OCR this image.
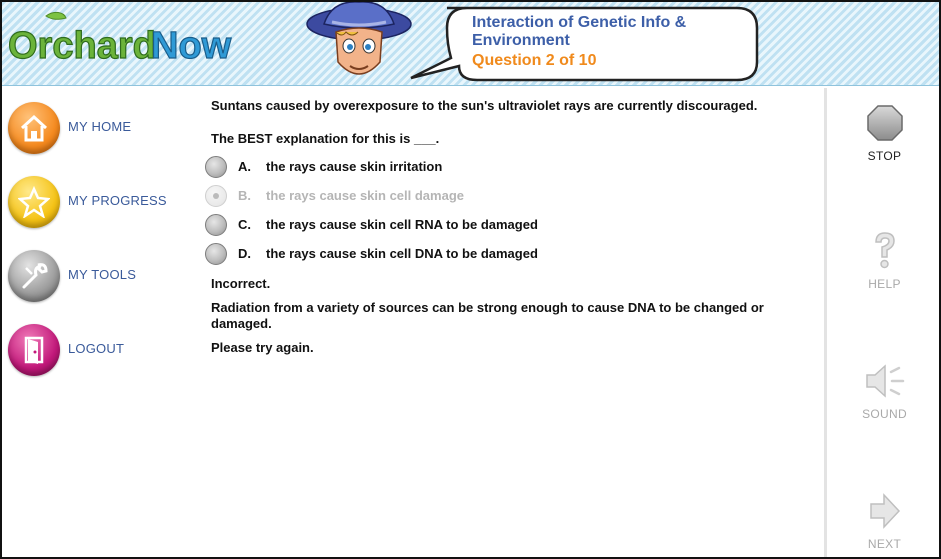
Orchard
Now
Interaction of Genetic Info & Environment
Question 2 of 10
MY HOME
MY PROGRESS
MY TOOLS
LOGOUT
Suntans caused by overexposure to the sun's ultraviolet rays are currently discouraged.
The BEST explanation for this is ___.
A. the rays cause skin irritation
B. the rays cause skin cell damage
C. the rays cause skin cell RNA to be damaged
D. the rays cause skin cell DNA to be damaged
Incorrect.
Radiation from a variety of sources can be strong enough to cause DNA to be changed or damaged.
Please try again.
STOP
HELP
SOUND
NEXT
